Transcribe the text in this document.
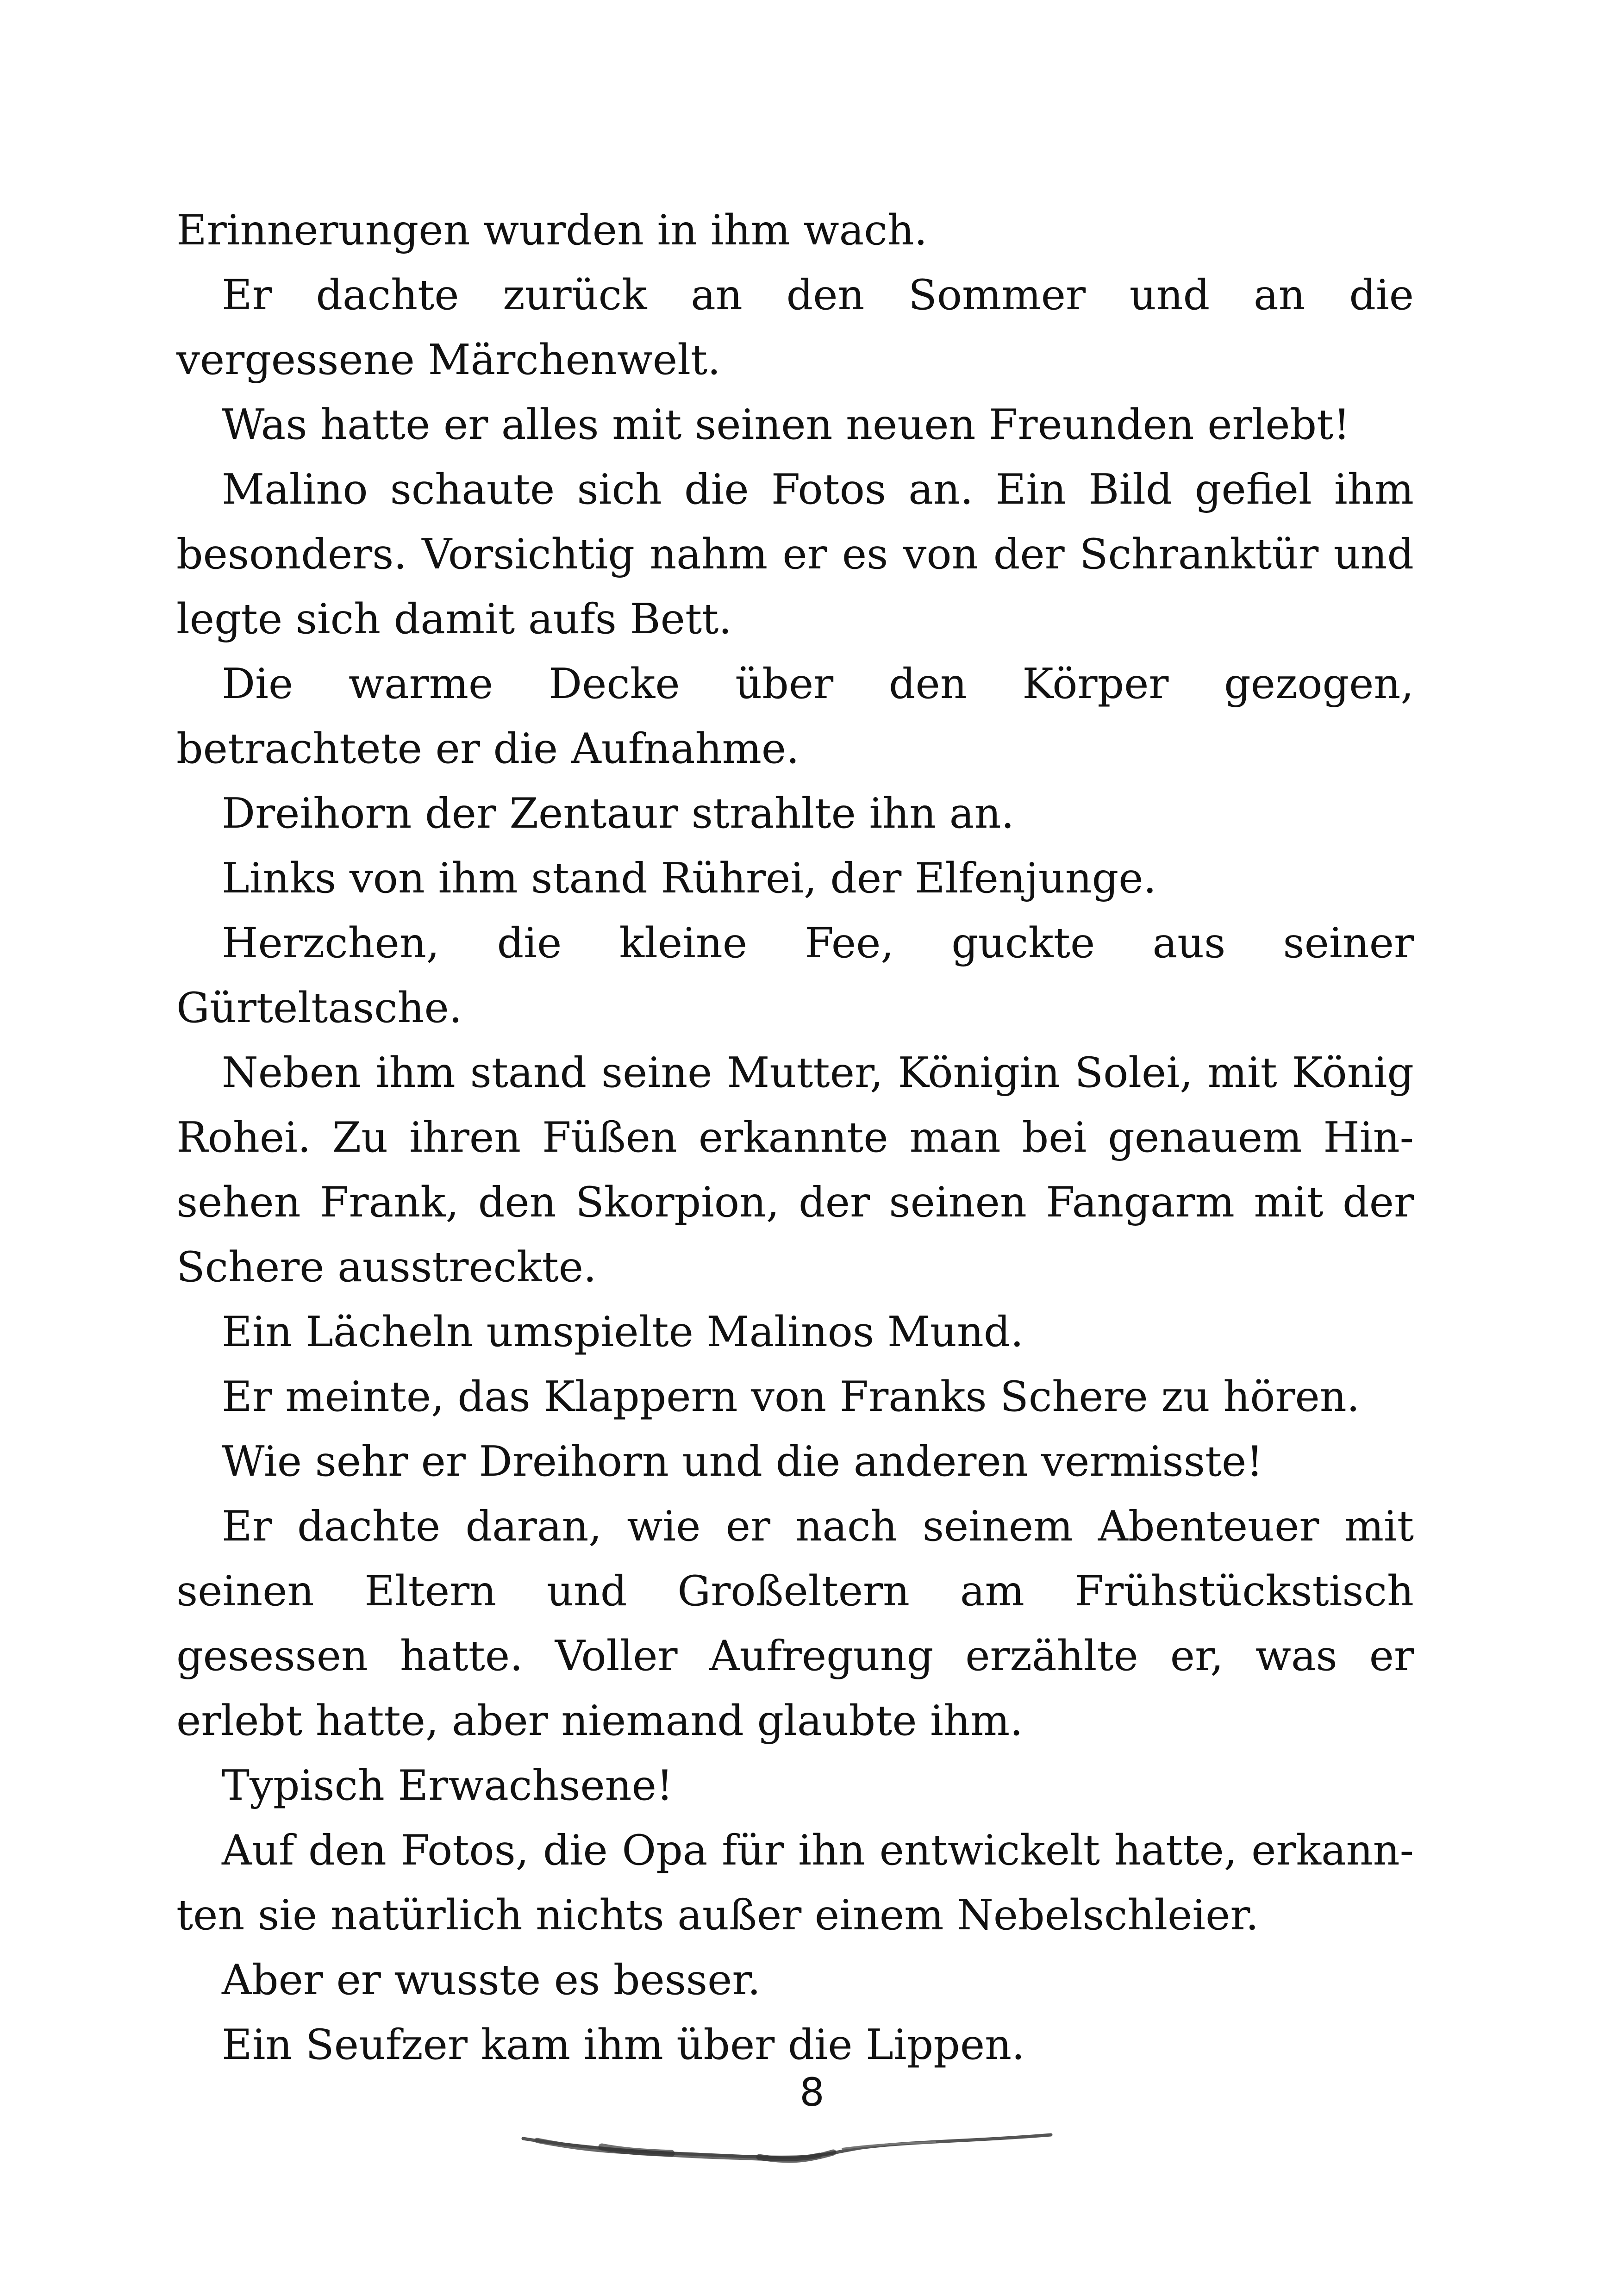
Erinnerungen wurden in ihm wach.

Er dachte zurück an den Sommer und an die vergessene Märchenwelt.

Was hatte er alles mit seinen neuen Freunden erlebt!

Malino schaute sich die Fotos an. Ein Bild gefiel ihm besonders. Vorsichtig nahm er es von der Schranktür und legte sich damit aufs Bett.

Die warme Decke über den Körper gezogen, betrachtete er die Aufnahme.

Dreihorn der Zentaur strahlte ihn an.

Links von ihm stand Rührei, der Elfenjunge.

Herzchen, die kleine Fee, guckte aus seiner Gürteltasche.

Neben ihm stand seine Mutter, Königin Solei, mit König Rohei. Zu ihren Füßen erkannte man bei genauem Hinsehen Frank, den Skorpion, der seinen Fangarm mit der Schere ausstreckte.

Ein Lächeln umspielte Malinos Mund.

Er meinte, das Klappern von Franks Schere zu hören.

Wie sehr er Dreihorn und die anderen vermisste!

Er dachte daran, wie er nach seinem Abenteuer mit seinen Eltern und Großeltern am Frühstückstisch gesessen hatte. Voller Aufregung erzählte er, was er erlebt hatte, aber niemand glaubte ihm.

Typisch Erwachsene!

Auf den Fotos, die Opa für ihn entwickelt hatte, erkannten sie natürlich nichts außer einem Nebelschleier.

Aber er wusste es besser.

Ein Seufzer kam ihm über die Lippen.

8
